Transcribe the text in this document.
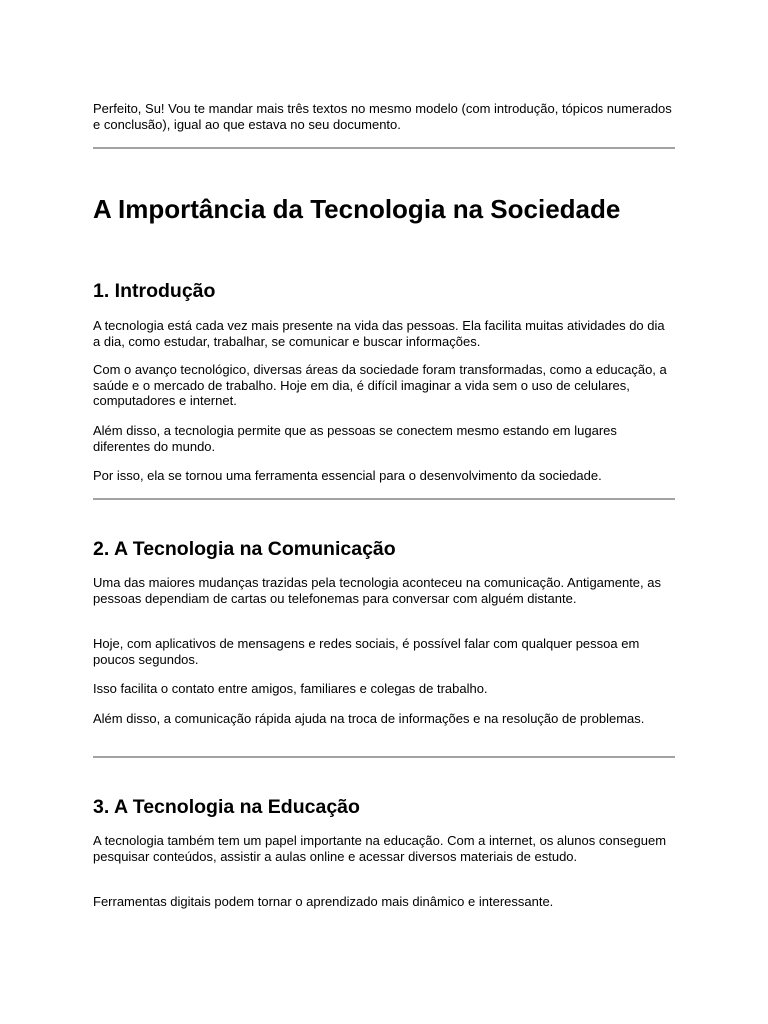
Perfeito, Su! Vou te mandar mais três textos no mesmo modelo (com introdução, tópicos numerados e conclusão), igual ao que estava no seu documento.

A Importância da Tecnologia na Sociedade
1. Introdução

A tecnologia está cada vez mais presente na vida das pessoas. Ela facilita muitas atividades do dia a dia, como estudar, trabalhar, se comunicar e buscar informações.

Com o avanço tecnológico, diversas áreas da sociedade foram transformadas, como a educação, a saúde e o mercado de trabalho. Hoje em dia, é difícil imaginar a vida sem o uso de celulares, computadores e internet.

Além disso, a tecnologia permite que as pessoas se conectem mesmo estando em lugares diferentes do mundo.

Por isso, ela se tornou uma ferramenta essencial para o desenvolvimento da sociedade.

2. A Tecnologia na Comunicação

Uma das maiores mudanças trazidas pela tecnologia aconteceu na comunicação. Antigamente, as pessoas dependiam de cartas ou telefonemas para conversar com alguém distante.

Hoje, com aplicativos de mensagens e redes sociais, é possível falar com qualquer pessoa em poucos segundos.

Isso facilita o contato entre amigos, familiares e colegas de trabalho.

Além disso, a comunicação rápida ajuda na troca de informações e na resolução de problemas.

3. A Tecnologia na Educação

A tecnologia também tem um papel importante na educação. Com a internet, os alunos conseguem pesquisar conteúdos, assistir a aulas online e acessar diversos materiais de estudo.

Ferramentas digitais podem tornar o aprendizado mais dinâmico e interessante.
